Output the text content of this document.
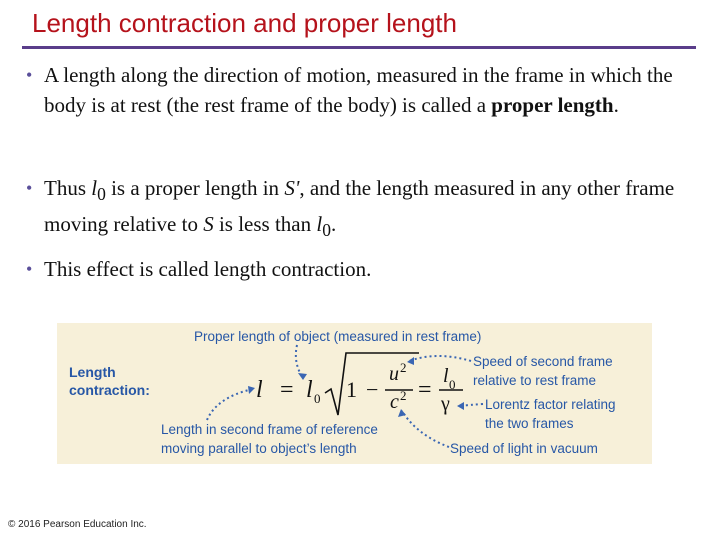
Length contraction and proper length
• A length along the direction of motion, measured in the frame in which the body is at rest (the rest frame of the body) is called a proper length.
• Thus $l_0$ is a proper length in S', and the length measured in any other frame moving relative to S is less than $l_0$.
• This effect is called length contraction.
Length
contraction:
Proper length of object (measured in rest frame)
Speed of second frame
relative to rest frame
Lorentz factor relating
the two frames
Length in second frame of reference
moving parallel to object’s length	Speed of light in vacuum
l = l 0 1 −
u 2
c 2 =
l 0
γ
© 2016 Pearson Education Inc.
